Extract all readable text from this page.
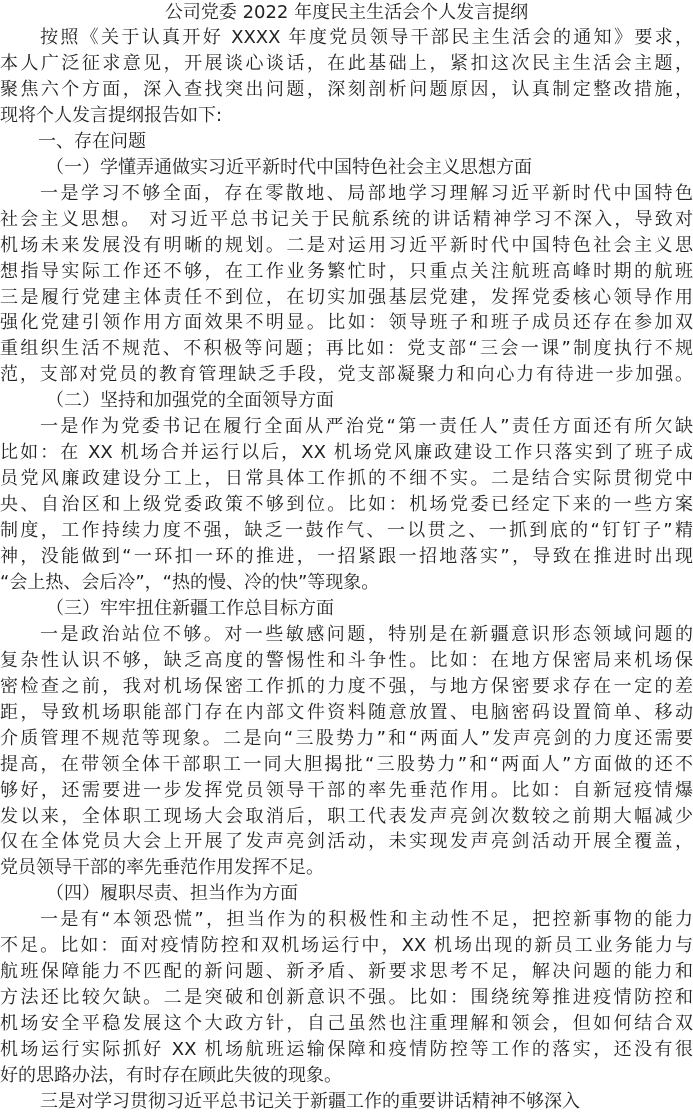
公司党委 2022 年度民主生活会个人发言提纲
按照《关于认真开好 XXXX 年度党员领导干部民主生活会的通知》要求，
本人广泛征求意见，开展谈心谈话，在此基础上，紧扣这次民主生活会主题，
聚焦六个方面，深入查找突出问题，深刻剖析问题原因，认真制定整改措施，
现将个人发言提纲报告如下:
一、存在问题
（一）学懂弄通做实习近平新时代中国特色社会主义思想方面
一是学习不够全面，存在零散地、局部地学习理解习近平新时代中国特色
社会主义思想。 对习近平总书记关于民航系统的讲话精神学习不深入，导致对
机场未来发展没有明晰的规划。二是对运用习近平新时代中国特色社会主义思
想指导实际工作还不够，在工作业务繁忙时，只重点关注航班高峰时期的航班
三是履行党建主体责任不到位，在切实加强基层党建，发挥党委核心领导作用
强化党建引领作用方面效果不明显。比如：领导班子和班子成员还存在参加双
重组织生活不规范、不积极等问题；再比如：党支部“三会一课”制度执行不规
范，支部对党员的教育管理缺乏手段，党支部凝聚力和向心力有待进一步加强。
（二）坚持和加强党的全面领导方面
一是作为党委书记在履行全面从严治党“第一责任人”责任方面还有所欠缺
比如：在 XX 机场合并运行以后，XX 机场党风廉政建设工作只落实到了班子成
员党风廉政建设分工上，日常具体工作抓的不细不实。二是结合实际贯彻党中
央、自治区和上级党委政策不够到位。比如：机场党委已经定下来的一些方案
制度，工作持续力度不强，缺乏一鼓作气、一以贯之、一抓到底的“钉钉子”精
神，没能做到“一环扣一环的推进，一招紧跟一招地落实”，导致在推进时出现
“会上热、会后冷”，“热的慢、冷的快”等现象。
（三）牢牢扭住新疆工作总目标方面
一是政治站位不够。对一些敏感问题，特别是在新疆意识形态领域问题的
复杂性认识不够，缺乏高度的警惕性和斗争性。比如：在地方保密局来机场保
密检查之前，我对机场保密工作抓的力度不强，与地方保密要求存在一定的差
距，导致机场职能部门存在内部文件资料随意放置、电脑密码设置简单、移动
介质管理不规范等现象。二是向“三股势力”和“两面人”发声亮剑的力度还需要
提高，在带领全体干部职工一同大胆揭批“三股势力”和“两面人”方面做的还不
够好，还需要进一步发挥党员领导干部的率先垂范作用。比如：自新冠疫情爆
发以来，全体职工现场大会取消后，职工代表发声亮剑次数较之前期大幅减少
仅在全体党员大会上开展了发声亮剑活动，未实现发声亮剑活动开展全覆盖，
党员领导干部的率先垂范作用发挥不足。
（四）履职尽责、担当作为方面
一是有“本领恐慌”，担当作为的积极性和主动性不足，把控新事物的能力
不足。比如：面对疫情防控和双机场运行中，XX 机场出现的新员工业务能力与
航班保障能力不匹配的新问题、新矛盾、新要求思考不足，解决问题的能力和
方法还比较欠缺。二是突破和创新意识不强。比如：围绕统筹推进疫情防控和
机场安全平稳发展这个大政方针，自己虽然也注重理解和领会，但如何结合双
机场运行实际抓好 XX 机场航班运输保障和疫情防控等工作的落实，还没有很
好的思路办法，有时存在顾此失彼的现象。
三是对学习贯彻习近平总书记关于新疆工作的重要讲话精神不够深入
